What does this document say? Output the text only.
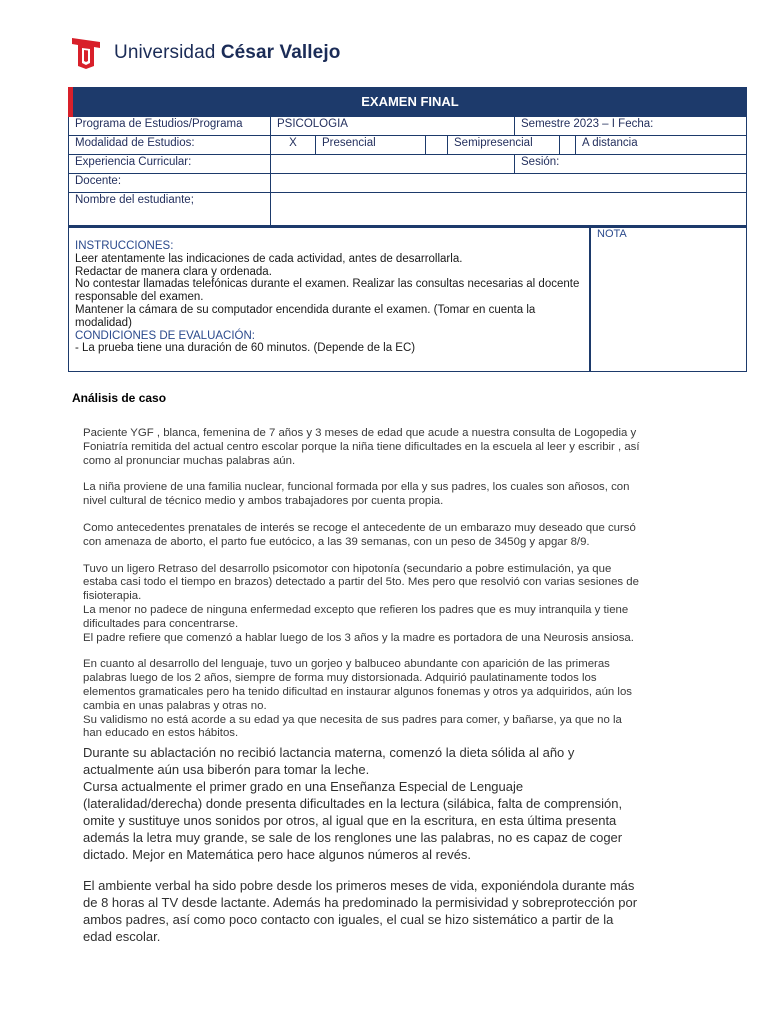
Universidad César Vallejo
EXAMEN FINAL
Programa de Estudios/Programa	PSICOLOGIA	Semestre 2023 – I Fecha:
Modalidad de Estudios:	X	Presencial	Semipresencial	A distancia
Experiencia Curricular:	Sesión:
Docente:
Nombre del estudiante;
INSTRUCCIONES:
Leer atentamente las indicaciones de cada actividad, antes de desarrollarla.
Redactar de manera clara y ordenada.
No contestar llamadas telefónicas durante el examen. Realizar las consultas necesarias al docente responsable del examen.
Mantener la cámara de su computador encendida durante el examen. (Tomar en cuenta la modalidad)
CONDICIONES DE EVALUACIÓN:
- La prueba tiene una duración de 60 minutos. (Depende de la EC)
NOTA
Análisis de caso

Paciente YGF , blanca, femenina de 7 años y 3 meses de edad que acude a nuestra consulta de Logopedia y Foniatría remitida del actual centro escolar porque la niña tiene dificultades en la escuela al leer y escribir , así como al pronunciar muchas palabras aún.

La niña proviene de una familia nuclear, funcional formada por ella y sus padres, los cuales son añosos, con nivel cultural de técnico medio y ambos trabajadores por cuenta propia.

Como antecedentes prenatales de interés se recoge el antecedente de un embarazo muy deseado que cursó con amenaza de aborto, el parto fue eutócico, a las 39 semanas, con un peso de 3450g y apgar 8/9.

Tuvo un ligero Retraso del desarrollo psicomotor con hipotonía (secundario a pobre estimulación, ya que estaba casi todo el tiempo en brazos) detectado a partir del 5to. Mes pero que resolvió con varias sesiones de fisioterapia.
La menor no padece de ninguna enfermedad excepto que refieren los padres que es muy intranquila y tiene dificultades para concentrarse.
El padre refiere que comenzó a hablar luego de los 3 años y la madre es portadora de una Neurosis ansiosa.

En cuanto al desarrollo del lenguaje, tuvo un gorjeo y balbuceo abundante con aparición de las primeras palabras luego de los 2 años, siempre de forma muy distorsionada. Adquirió paulatinamente todos los elementos gramaticales pero ha tenido dificultad en instaurar algunos fonemas y otros ya adquiridos, aún los cambia en unas palabras y otras no.
Su validismo no está acorde a su edad ya que necesita de sus padres para comer, y bañarse, ya que no la han educado en estos hábitos.

Durante su ablactación no recibió lactancia materna, comenzó la dieta sólida al año y actualmente aún usa biberón para tomar la leche.
Cursa actualmente el primer grado en una Enseñanza Especial de Lenguaje (lateralidad/derecha) donde presenta dificultades en la lectura (silábica, falta de comprensión, omite y sustituye unos sonidos por otros, al igual que en la escritura, en esta última presenta además la letra muy grande, se sale de los renglones une las palabras, no es capaz de coger dictado. Mejor en Matemática pero hace algunos números al revés.

El ambiente verbal ha sido pobre desde los primeros meses de vida, exponiéndola durante más de 8 horas al TV desde lactante. Además ha predominado la permisividad y sobreprotección por ambos padres, así como poco contacto con iguales, el cual se hizo sistemático a partir de la edad escolar.
